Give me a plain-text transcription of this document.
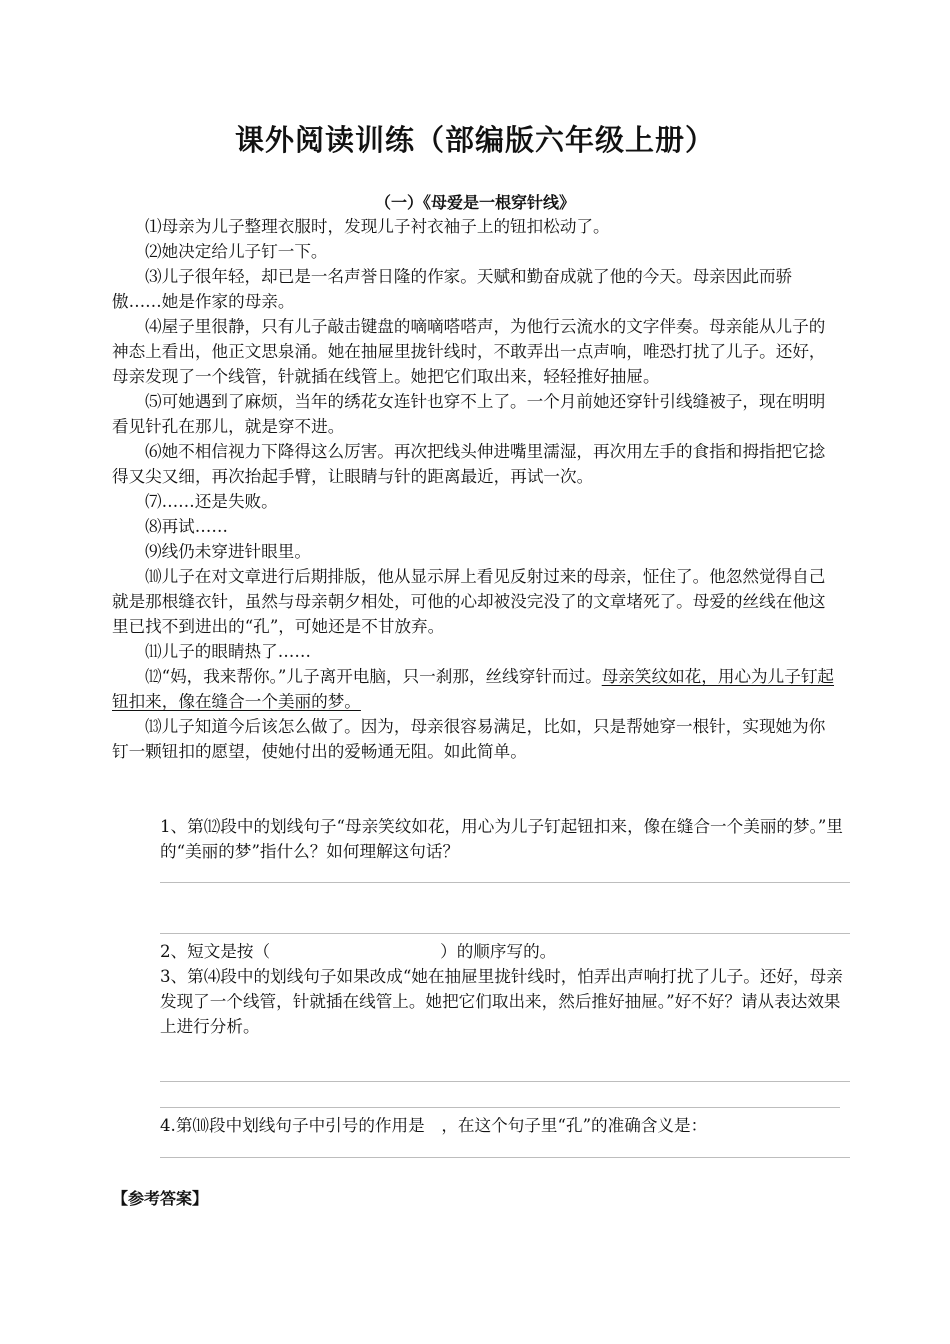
课外阅读训练（部编版六年级上册）
（一）《母爱是一根穿针线》

⑴母亲为儿子整理衣服时，发现儿子衬衣袖子上的钮扣松动了。

⑵她决定给儿子钉一下。

⑶儿子很年轻，却已是一名声誉日隆的作家。天赋和勤奋成就了他的今天。母亲因此而骄傲……她是作家的母亲。

⑷屋子里很静，只有儿子敲击键盘的嘀嘀嗒嗒声，为他行云流水的文字伴奏。母亲能从儿子的神态上看出，他正文思泉涌。她在抽屉里拢针线时，不敢弄出一点声响，唯恐打扰了儿子。还好，母亲发现了一个线管，针就插在线管上。她把它们取出来，轻轻推好抽屉。

⑸可她遇到了麻烦，当年的绣花女连针也穿不上了。一个月前她还穿针引线缝被子，现在明明看见针孔在那儿，就是穿不进。

⑹她不相信视力下降得这么厉害。再次把线头伸进嘴里濡湿，再次用左手的食指和拇指把它捻得又尖又细，再次抬起手臂，让眼睛与针的距离最近，再试一次。

⑺……还是失败。

⑻再试……

⑼线仍未穿进针眼里。

⑽儿子在对文章进行后期排版，他从显示屏上看见反射过来的母亲，怔住了。他忽然觉得自己就是那根缝衣针，虽然与母亲朝夕相处，可他的心却被没完没了的文章堵死了。母爱的丝线在他这里已找不到进出的“孔”，可她还是不甘放弃。

⑾儿子的眼睛热了……

⑿“妈，我来帮你。”儿子离开电脑，只一刹那，丝线穿针而过。母亲笑纹如花，用心为儿子钉起钮扣来，像在缝合一个美丽的梦。

⒀儿子知道今后该怎么做了。因为，母亲很容易满足，比如，只是帮她穿一根针，实现她为你钉一颗钮扣的愿望，使她付出的爱畅通无阻。如此简单。

1、第⑿段中的划线句子“母亲笑纹如花，用心为儿子钉起钮扣来，像在缝合一个美丽的梦。”里的“美丽的梦”指什么？如何理解这句话？

2、短文是按（	）的顺序写的。

3、第⑷段中的划线句子如果改成“她在抽屉里拢针线时，怕弄出声响打扰了儿子。还好，母亲发现了一个线管，针就插在线管上。她把它们取出来，然后推好抽屉。”好不好？请从表达效果上进行分析。

4.第⑽段中划线句子中引号的作用是　，在这个句子里“孔”的准确含义是：

【参考答案】
